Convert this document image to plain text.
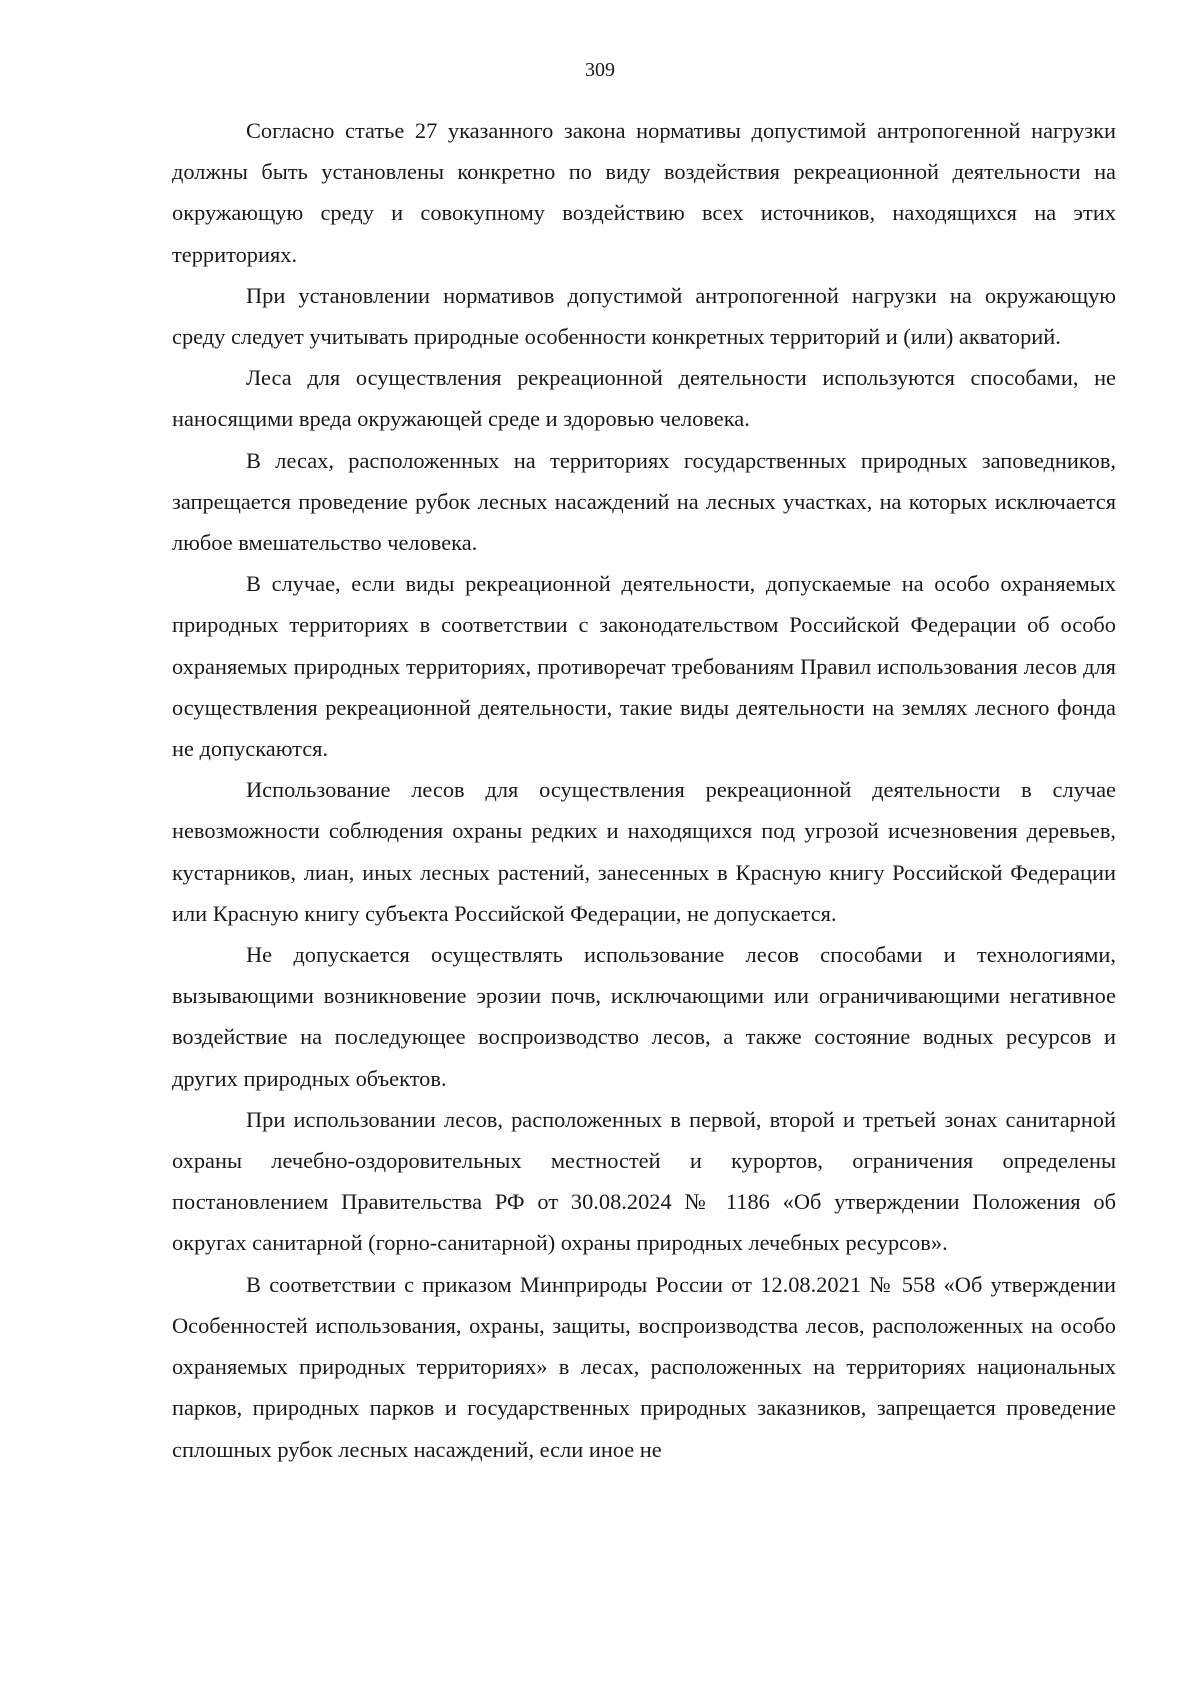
309

Согласно статье 27 указанного закона нормативы допустимой антропогенной нагрузки должны быть установлены конкретно по виду воздействия рекреационной деятельности на окружающую среду и совокупному воздействию всех источников, находящихся на этих территориях.

При установлении нормативов допустимой антропогенной нагрузки на окружающую среду следует учитывать природные особенности конкретных территорий и (или) акваторий.

Леса для осуществления рекреационной деятельности используются способами, не наносящими вреда окружающей среде и здоровью человека.

В лесах, расположенных на территориях государственных природных заповедников, запрещается проведение рубок лесных насаждений на лесных участках, на которых исключается любое вмешательство человека.

В случае, если виды рекреационной деятельности, допускаемые на особо охраняемых природных территориях в соответствии с законодательством Российской Федерации об особо охраняемых природных территориях, противоречат требованиям Правил использования лесов для осуществления рекреационной деятельности, такие виды деятельности на землях лесного фонда не допускаются.

Использование лесов для осуществления рекреационной деятельности в случае невозможности соблюдения охраны редких и находящихся под угрозой исчезновения деревьев, кустарников, лиан, иных лесных растений, занесенных в Красную книгу Российской Федерации или Красную книгу субъекта Российской Федерации, не допускается.

Не допускается осуществлять использование лесов способами и технологиями, вызывающими возникновение эрозии почв, исключающими или ограничивающими негативное воздействие на последующее воспроизводство лесов, а также состояние водных ресурсов и других природных объектов.

При использовании лесов, расположенных в первой, второй и третьей зонах санитарной охраны лечебно-оздоровительных местностей и курортов, ограничения определены постановлением Правительства РФ от 30.08.2024 № 1186 «Об утверждении Положения об округах санитарной (горно-санитарной) охраны природных лечебных ресурсов».

В соответствии с приказом Минприроды России от 12.08.2021 № 558 «Об утверждении Особенностей использования, охраны, защиты, воспроизводства лесов, расположенных на особо охраняемых природных территориях» в лесах, расположенных на территориях национальных парков, природных парков и государственных природных заказников, запрещается проведение сплошных рубок лесных насаждений, если иное не
